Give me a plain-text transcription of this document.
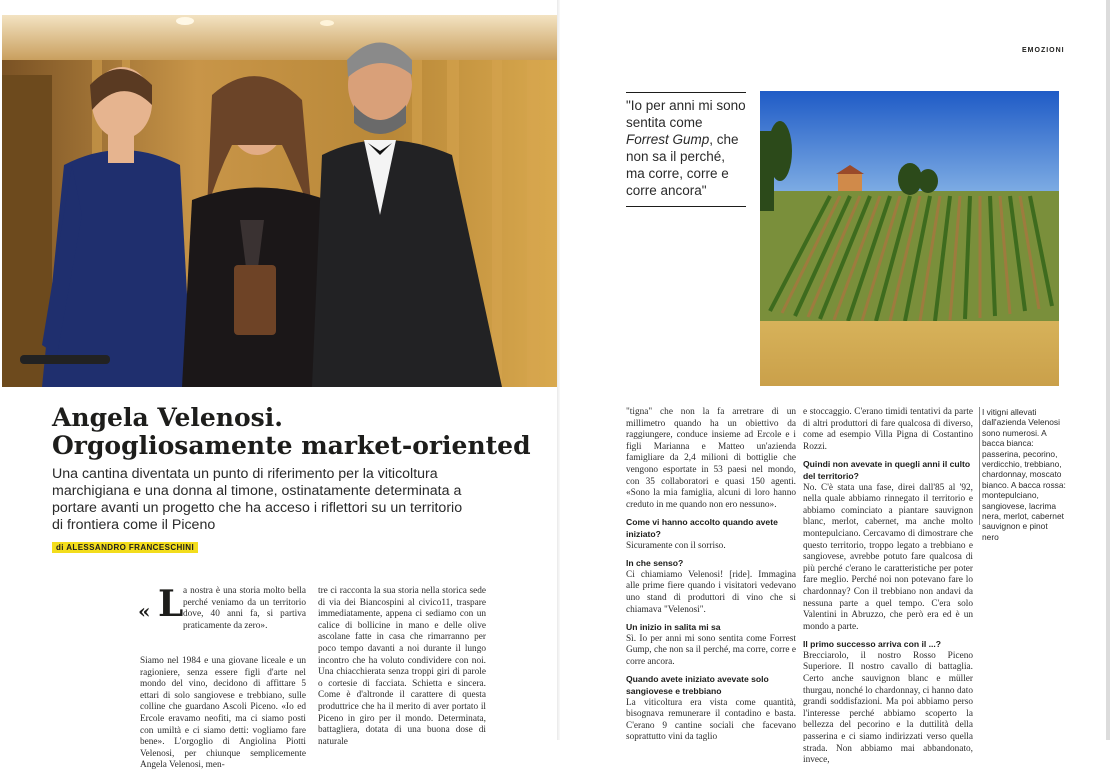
Angela Velenosi.
Orgogliosamente market-oriented
Una cantina diventata un punto di riferimento per la viticoltura marchigiana e una donna al timone, ostinatamente determinata a portare avanti un progetto che ha acceso i riflettori su un territorio di frontiera come il Piceno
di ALESSANDRO FRANCESCHINI
« L a nostra è una storia molto bella perché veniamo da un territorio dove, 40 anni fa, si partiva praticamente da zero».

Siamo nel 1984 e una giovane liceale e un ragioniere, senza essere figli d'arte nel mondo del vino, decidono di affittare 5 ettari di solo sangiovese e trebbiano, sulle colline che guardano Ascoli Piceno. «Io ed Ercole eravamo neofiti, ma ci siamo posti con umiltà e ci siamo detti: vogliamo fare bene». L'orgoglio di Angiolina Piotti Velenosi, per chiunque semplicemente Angela Velenosi, men-

tre ci racconta la sua storia nella storica sede di via dei Biancospini al civico11, traspare immediatamente, appena ci sediamo con un calice di bollicine in mano e delle olive ascolane fatte in casa che rimarranno per poco tempo davanti a noi durante il lungo incontro che ha voluto condividere con noi. Una chiacchierata senza troppi giri di parole o cortesie di facciata. Schietta e sincera. Come è d'altronde il carattere di questa produttrice che ha il merito di aver portato il Piceno in giro per il mondo. Determinata, battagliera, dotata di una buona dose di naturale

EMOZIONI
"Io per anni mi sono sentita come Forrest Gump, che non sa il perché, ma corre, corre e corre ancora"

"tigna" che non la fa arretrare di un millimetro quando ha un obiettivo da raggiungere, conduce insieme ad Ercole e i figli Marianna e Matteo un'azienda famigliare da 2,4 milioni di bottiglie che vengono esportate in 53 paesi nel mondo, con 35 collaboratori e quasi 150 agenti. «Sono la mia famiglia, alcuni di loro hanno creduto in me quando non ero nessuno».

Come vi hanno accolto quando avete iniziato?

Sicuramente con il sorriso.

In che senso?

Ci chiamiamo Velenosi! [ride]. Immagina alle prime fiere quando i visitatori vedevano uno stand di produttori di vino che si chiamava "Velenosi".

Un inizio in salita mi sa

Sì. Io per anni mi sono sentita come Forrest Gump, che non sa il perché, ma corre, corre e corre ancora.

Quando avete iniziato avevate solo sangiovese e trebbiano

La viticoltura era vista come quantità, bisognava remunerare il contadino e basta. C'erano 9 cantine sociali che facevano soprattutto vini da taglio

e stoccaggio. C'erano timidi tentativi da parte di altri produttori di fare qualcosa di diverso, come ad esempio Villa Pigna di Costantino Rozzi.

Quindi non avevate in quegli anni il culto del territorio?

No. C'è stata una fase, direi dall'85 al '92, nella quale abbiamo rinnegato il territorio e abbiamo cominciato a piantare sauvignon blanc, merlot, cabernet, ma anche molto montepulciano. Cercavamo di dimostrare che questo territorio, troppo legato a trebbiano e sangiovese, avrebbe potuto fare qualcosa di più perché c'erano le caratteristiche per poter fare meglio. Perché noi non potevano fare lo chardonnay? Con il trebbiano non andavi da nessuna parte a quel tempo. C'era solo Valentini in Abruzzo, che però era ed è un mondo a parte.

Il primo successo arriva con il ...?

Brecciarolo, il nostro Rosso Piceno Superiore. Il nostro cavallo di battaglia. Certo anche sauvignon blanc e müller thurgau, nonché lo chardonnay, ci hanno dato grandi soddisfazioni. Ma poi abbiamo perso l'interesse perché abbiamo scoperto la bellezza del pecorino e la duttilità della passerina e ci siamo indirizzati verso quella strada. Non abbiamo mai abbandonato, invece,

I vitigni allevati dall'azienda Velenosi sono numerosi. A bacca bianca: passerina, pecorino, verdicchio, trebbiano, chardonnay, moscato bianco. A bacca rossa: montepulciano, sangiovese, lacrima nera, merlot, cabernet sauvignon e pinot nero
